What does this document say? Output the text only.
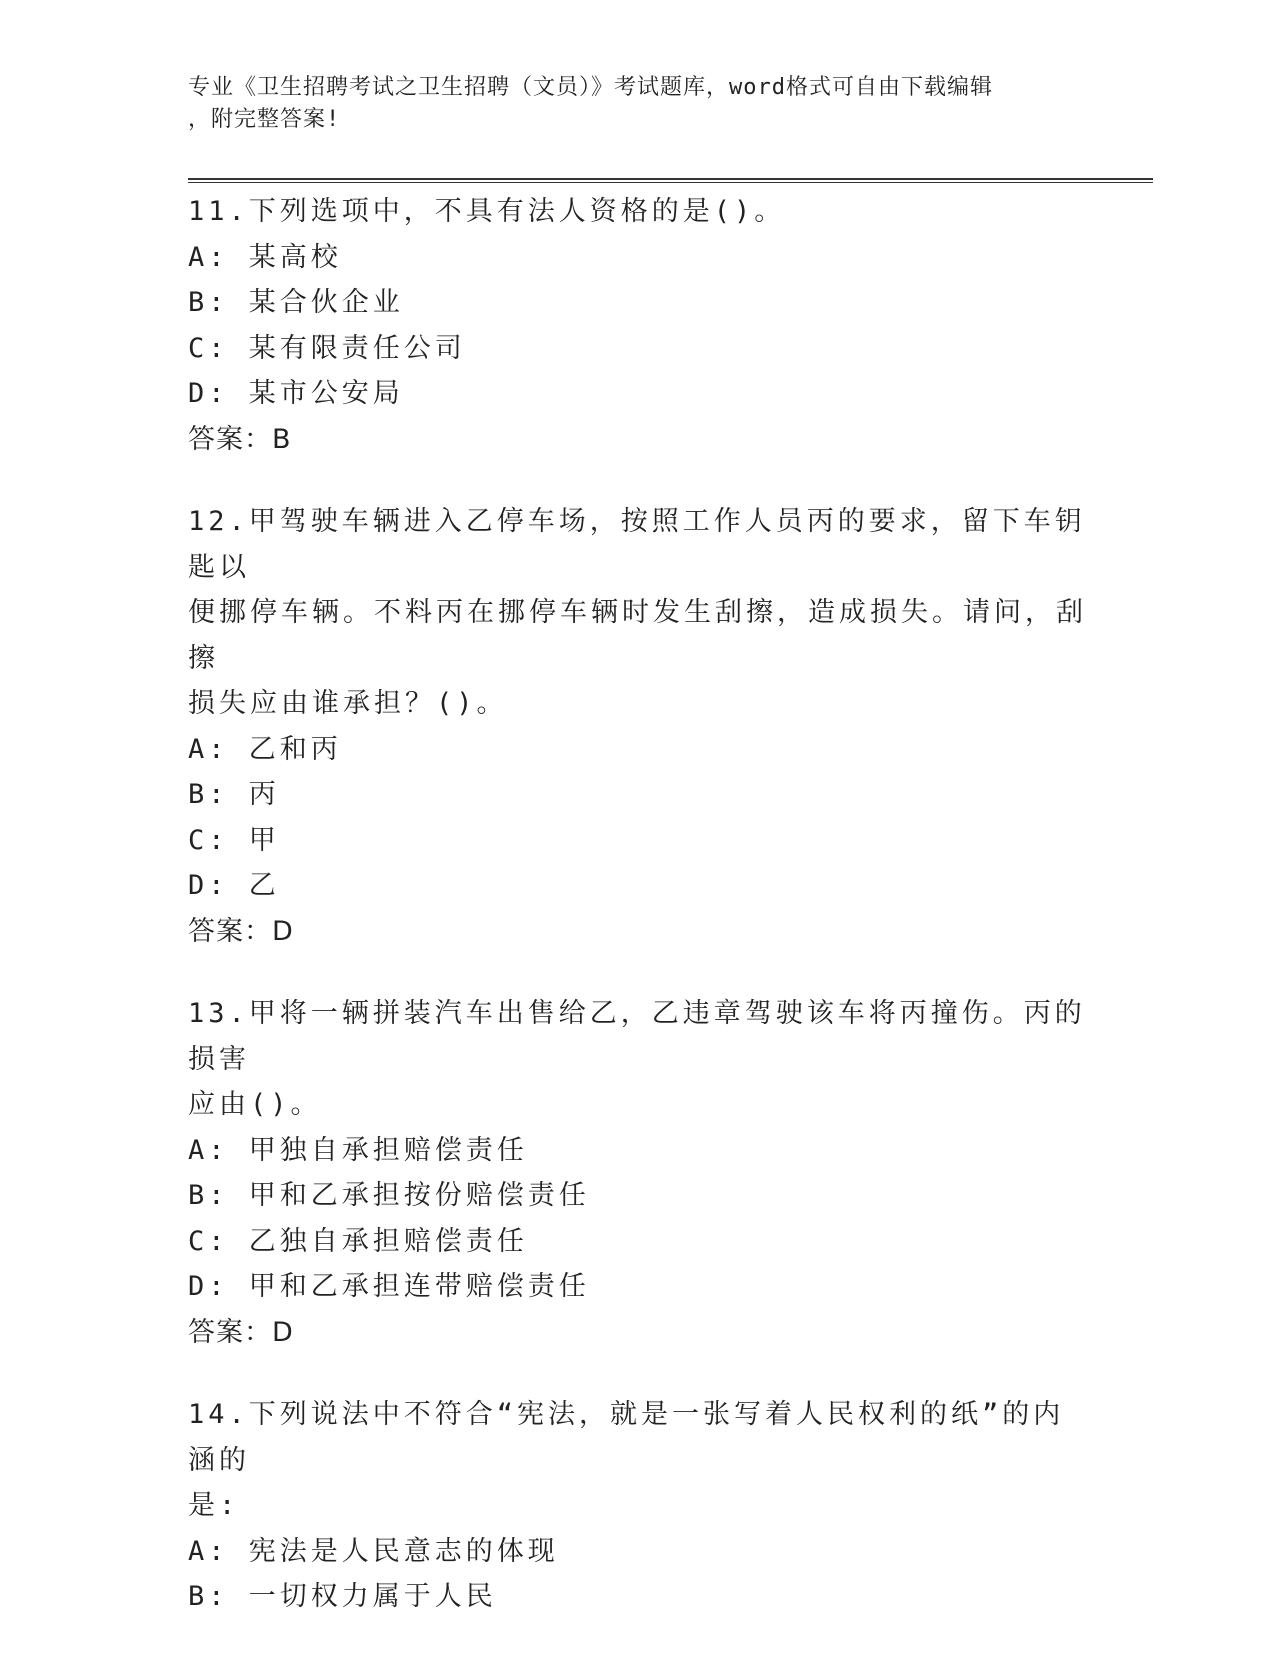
专业《卫生招聘考试之卫生招聘（文员）》考试题库，word格式可自由下载编辑
，附完整答案!
11.下列选项中，不具有法人资格的是()。
A: 某高校
B: 某合伙企业
C: 某有限责任公司
D: 某市公安局
答案：B
12.甲驾驶车辆进入乙停车场，按照工作人员丙的要求，留下车钥匙以
便挪停车辆。不料丙在挪停车辆时发生刮擦，造成损失。请问，刮擦
损失应由谁承担？()。
A: 乙和丙
B: 丙
C: 甲
D: 乙
答案：D
13.甲将一辆拼装汽车出售给乙，乙违章驾驶该车将丙撞伤。丙的损害
应由()。
A: 甲独自承担赔偿责任
B: 甲和乙承担按份赔偿责任
C: 乙独自承担赔偿责任
D: 甲和乙承担连带赔偿责任
答案：D
14.下列说法中不符合“宪法，就是一张写着人民权利的纸”的内涵的
是:
A: 宪法是人民意志的体现
B: 一切权力属于人民
